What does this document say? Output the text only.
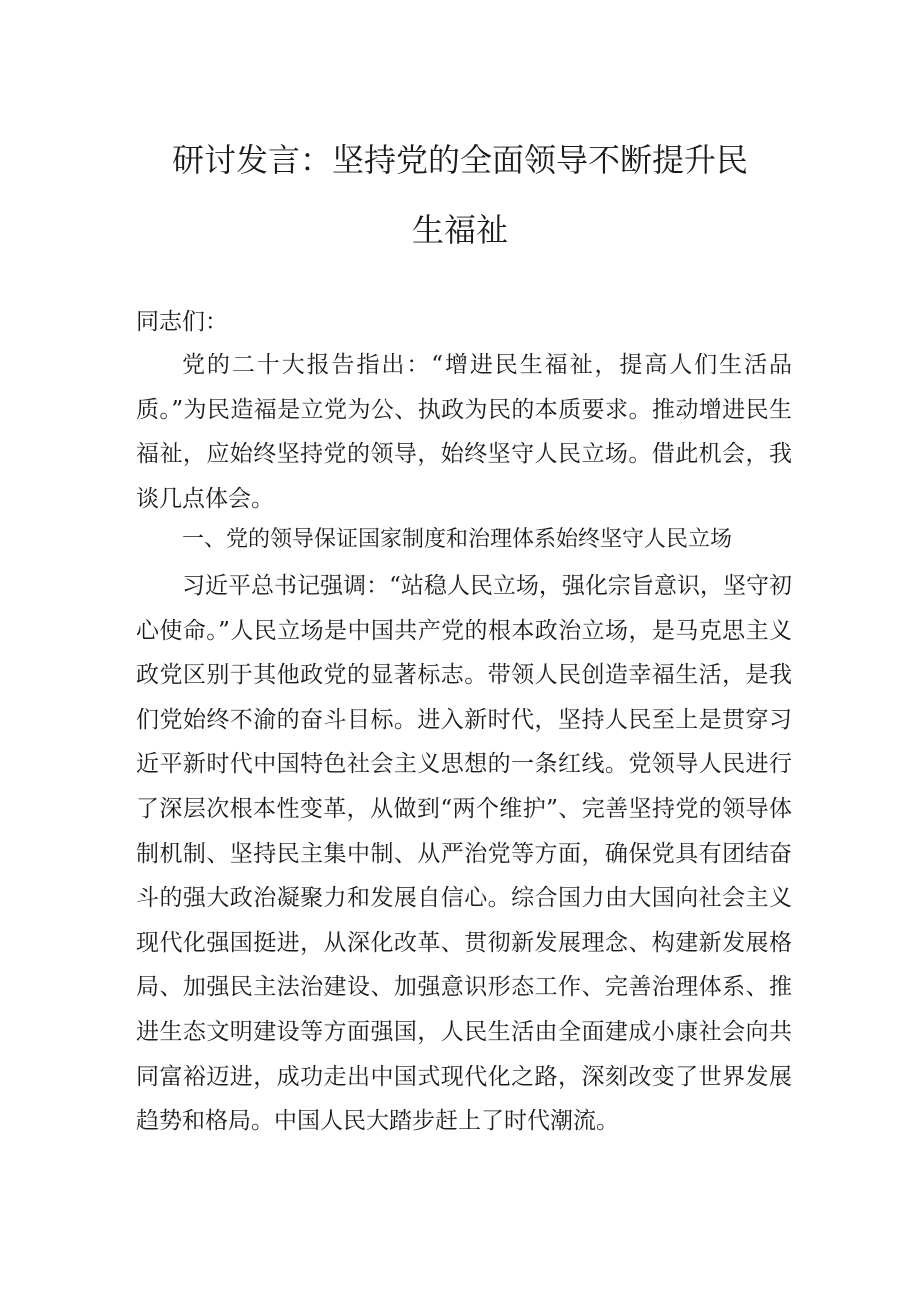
研讨发言：坚持党的全面领导不断提升民
生福祉
同志们：

党的二十大报告指出：“增进民生福祉，提高人们生活品质。”为民造福是立党为公、执政为民的本质要求。推动增进民生福祉，应始终坚持党的领导，始终坚守人民立场。借此机会，我谈几点体会。

一、党的领导保证国家制度和治理体系始终坚守人民立场

习近平总书记强调：“站稳人民立场，强化宗旨意识，坚守初心使命。”人民立场是中国共产党的根本政治立场，是马克思主义政党区别于其他政党的显著标志。带领人民创造幸福生活，是我们党始终不渝的奋斗目标。进入新时代，坚持人民至上是贯穿习近平新时代中国特色社会主义思想的一条红线。党领导人民进行了深层次根本性变革，从做到“两个维护”、完善坚持党的领导体制机制、坚持民主集中制、从严治党等方面，确保党具有团结奋斗的强大政治凝聚力和发展自信心。综合国力由大国向社会主义现代化强国挺进，从深化改革、贯彻新发展理念、构建新发展格局、加强民主法治建设、加强意识形态工作、完善治理体系、推进生态文明建设等方面强国，人民生活由全面建成小康社会向共同富裕迈进，成功走出中国式现代化之路，深刻改变了世界发展趋势和格局。中国人民大踏步赶上了时代潮流。
